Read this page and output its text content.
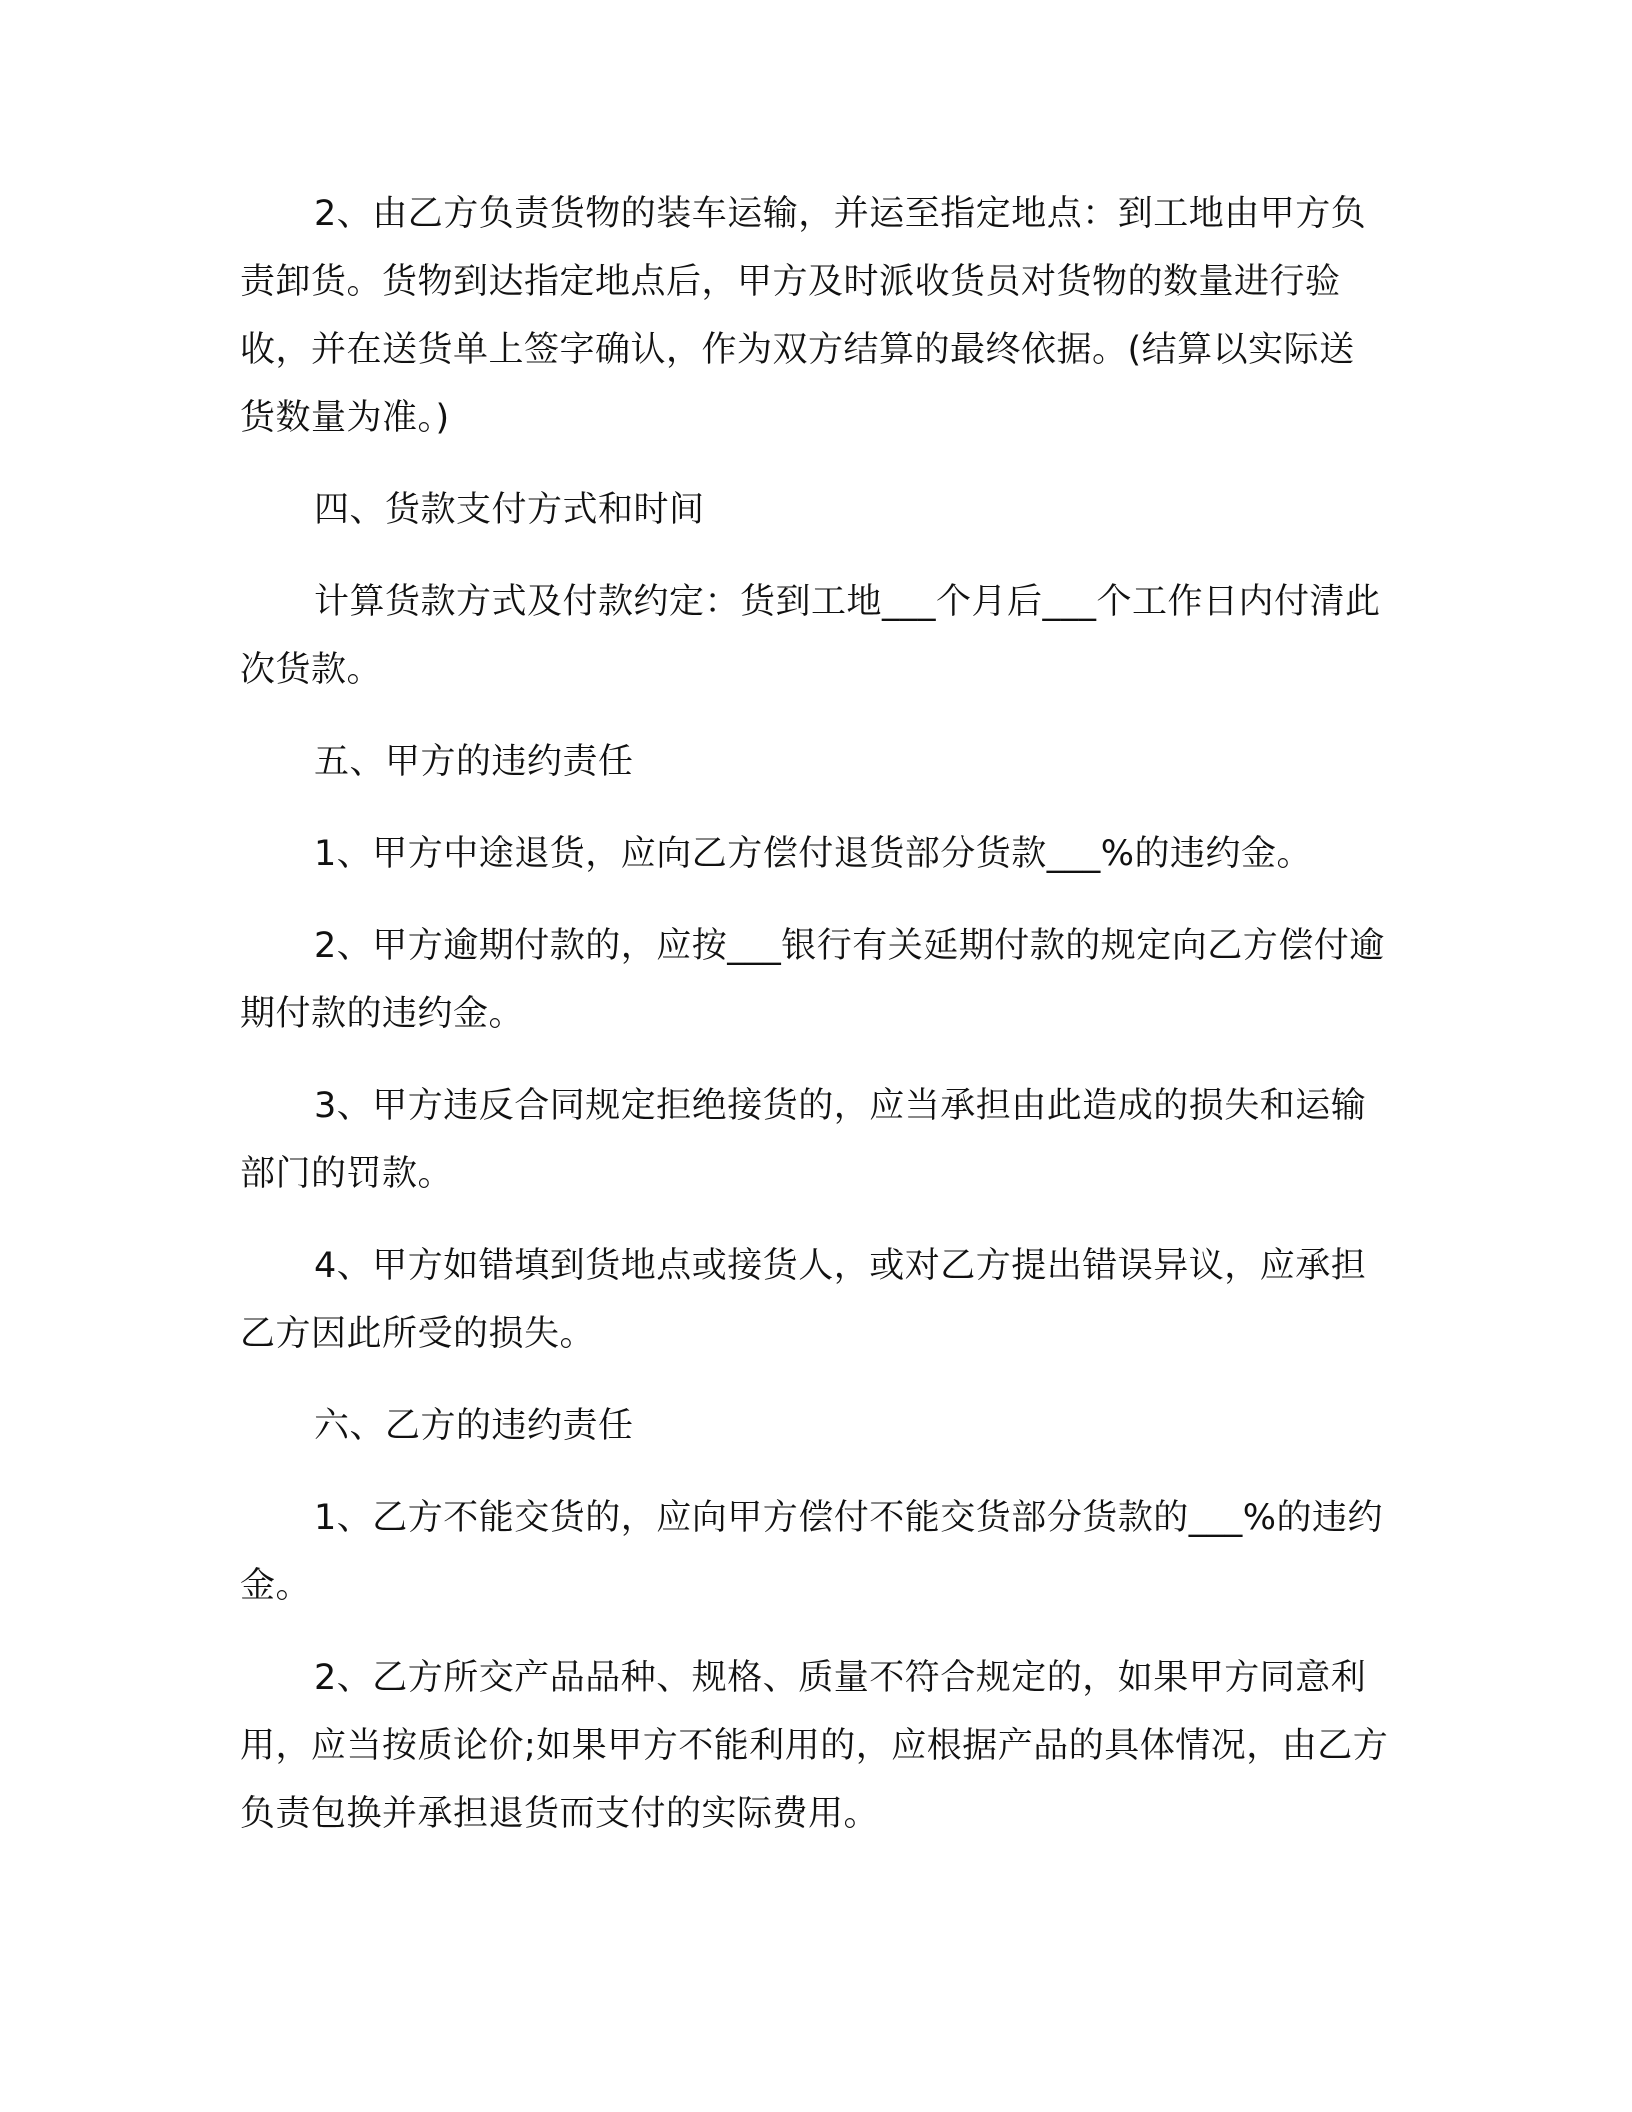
2、由乙方负责货物的装车运输，并运至指定地点：到工地由甲方负责卸货。货物到达指定地点后，甲方及时派收货员对货物的数量进行验收，并在送货单上签字确认，作为双方结算的最终依据。(结算以实际送货数量为准。)

四、货款支付方式和时间

计算货款方式及付款约定：货到工地___个月后___个工作日内付清此次货款。

五、甲方的违约责任

1、甲方中途退货，应向乙方偿付退货部分货款___%的违约金。

2、甲方逾期付款的，应按___银行有关延期付款的规定向乙方偿付逾期付款的违约金。

3、甲方违反合同规定拒绝接货的，应当承担由此造成的损失和运输部门的罚款。

4、甲方如错填到货地点或接货人，或对乙方提出错误异议，应承担乙方因此所受的损失。

六、乙方的违约责任

1、乙方不能交货的，应向甲方偿付不能交货部分货款的___%的违约金。

2、乙方所交产品品种、规格、质量不符合规定的，如果甲方同意利用，应当按质论价;如果甲方不能利用的，应根据产品的具体情况，由乙方负责包换并承担退货而支付的实际费用。
